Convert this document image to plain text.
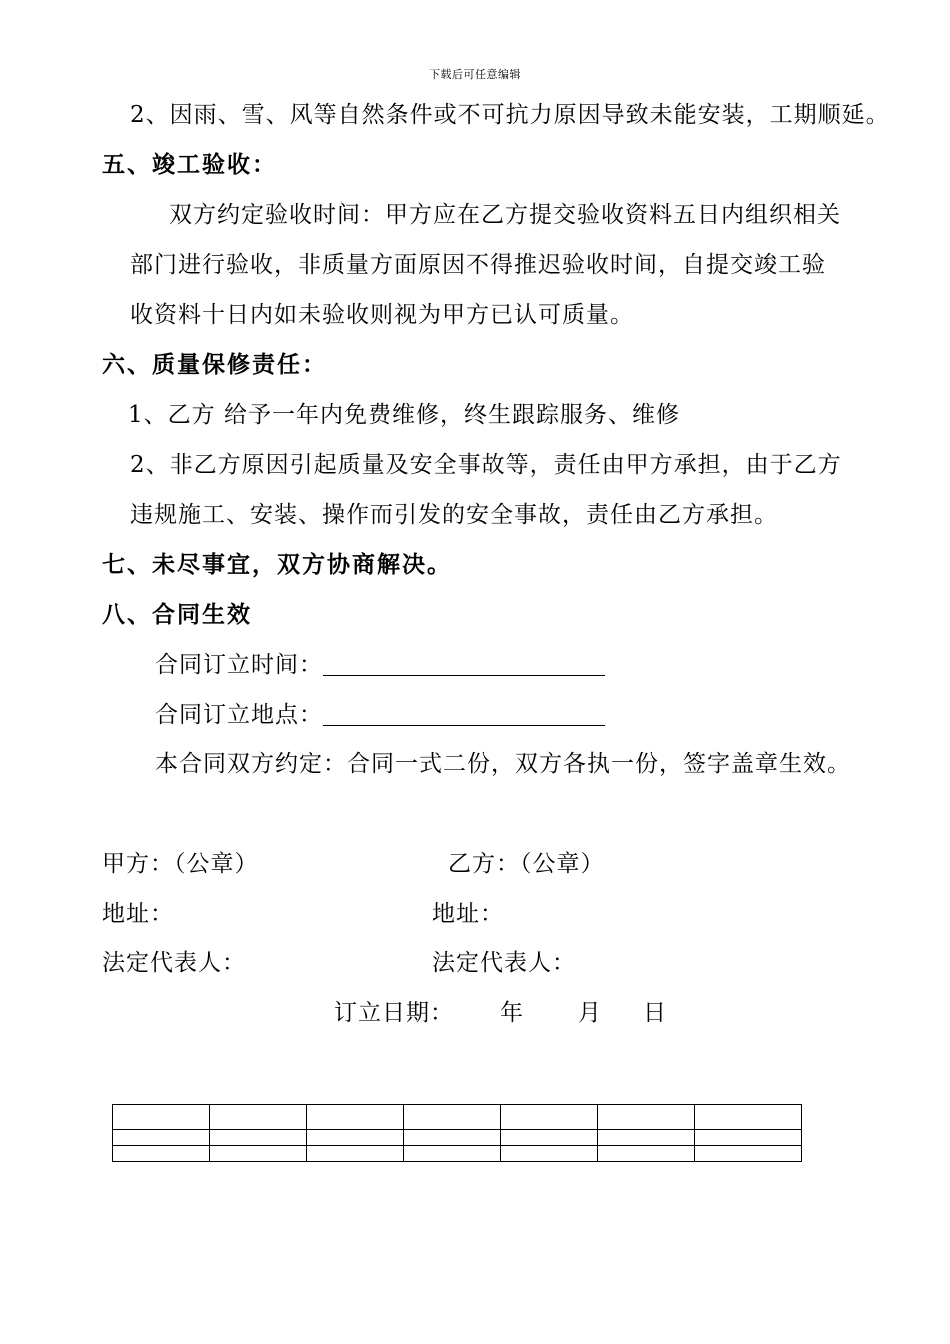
下载后可任意编辑
2、因雨、雪、风等自然条件或不可抗力原因导致未能安装，工期顺延。
五、竣工验收：
双方约定验收时间：甲方应在乙方提交验收资料五日内组织相关
部门进行验收，非质量方面原因不得推迟验收时间，自提交竣工验
收资料十日内如未验收则视为甲方已认可质量。
六、质量保修责任：
1、乙方 给予一年内免费维修，终生跟踪服务、维修
2、非乙方原因引起质量及安全事故等，责任由甲方承担，由于乙方
违规施工、安装、操作而引发的安全事故，责任由乙方承担。
七、未尽事宜，双方协商解决。
八、合同生效
合同订立时间：
合同订立地点：
本合同双方约定：合同一式二份，双方各执一份，签字盖章生效。
甲方：（公章）	乙方：（公章）
地址：	地址：
法定代表人：	法定代表人：
订立日期： 年 月 日
